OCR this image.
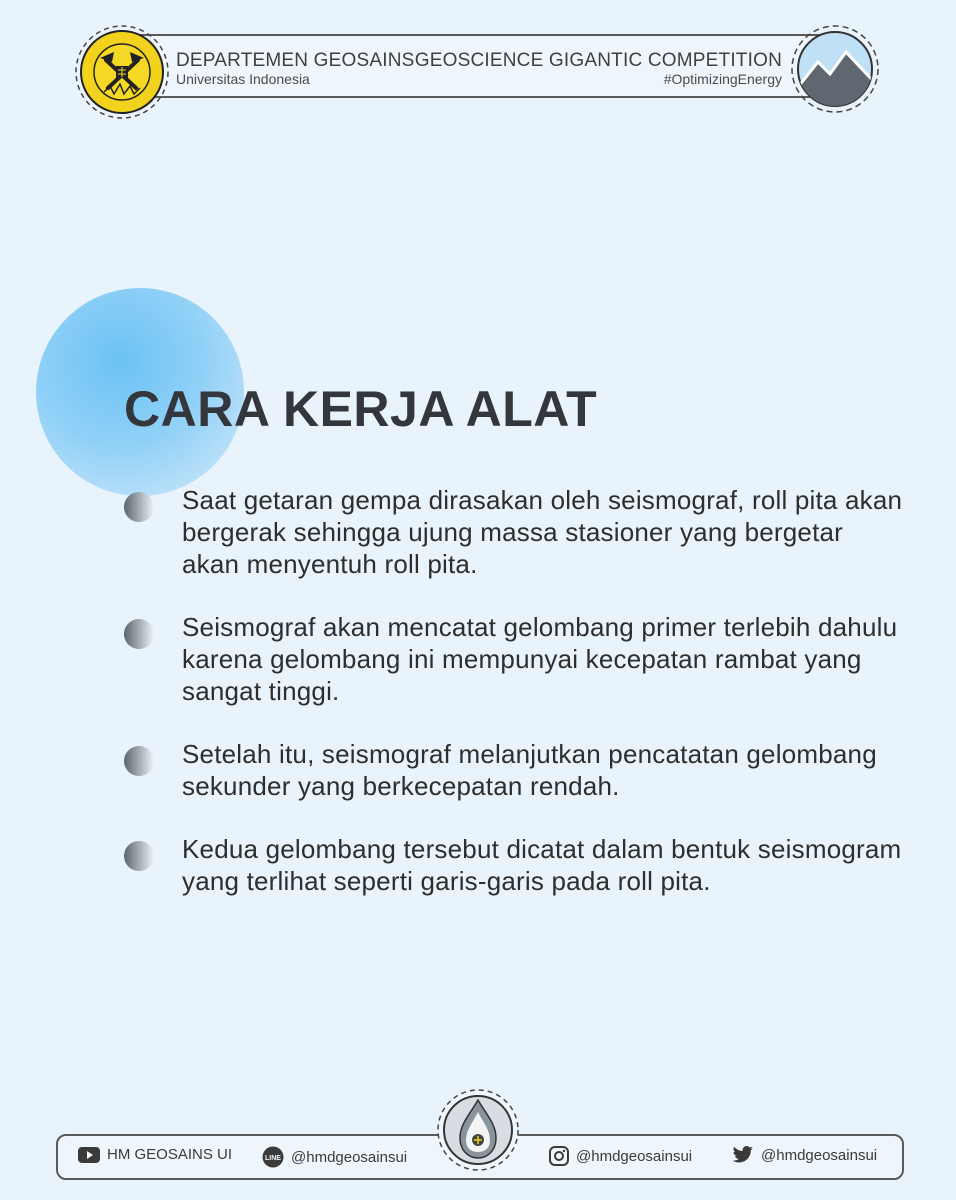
DEPARTEMEN GEOSAINS
Universitas Indonesia
GEOSCIENCE GIGANTIC COMPETITION
#OptimizingEnergy
CARA KERJA ALAT
Saat getaran gempa dirasakan oleh seismograf, roll pita akan bergerak sehingga ujung massa stasioner yang bergetar akan menyentuh roll pita.
Seismograf akan mencatat gelombang primer terlebih dahulu karena gelombang ini mempunyai kecepatan rambat yang sangat tinggi.
Setelah itu, seismograf melanjutkan pencatatan gelombang sekunder yang berkecepatan rendah.
Kedua gelombang tersebut dicatat dalam bentuk seismogram yang terlihat seperti garis-garis pada roll pita.
HM GEOSAINS UI	LINE @hmdgeosainsui	@hmdgeosainsui	@hmdgeosainsui
